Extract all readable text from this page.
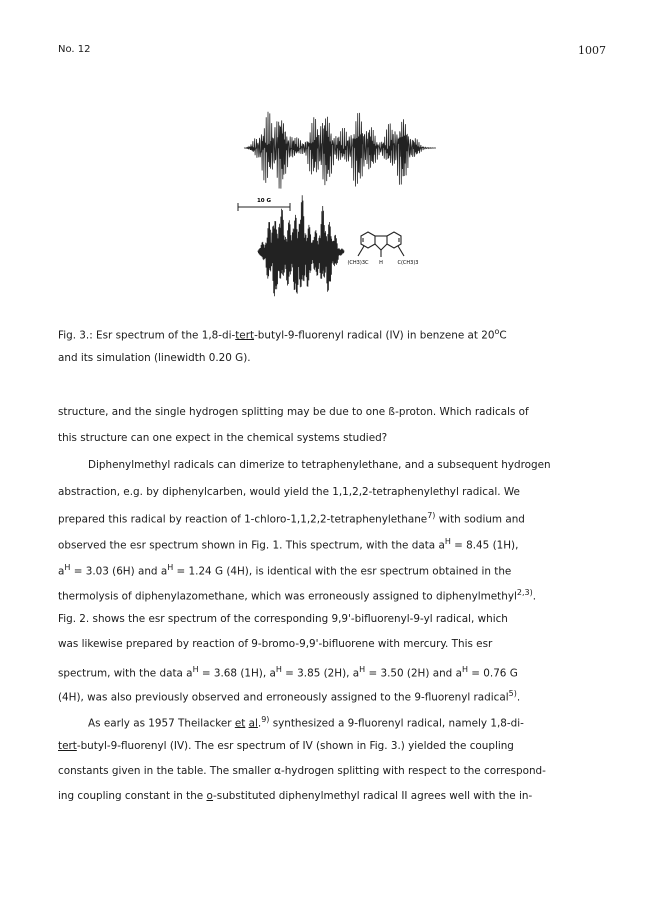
No. 12	1007
10 G
(CH3)3C H	C(CH3)3
Fig. 3.: Esr spectrum of the 1,8-di-tert-butyl-9-fluorenyl radical (IV) in benzene at 20$^o$C
and its simulation (linewidth 0.20 G).
structure, and the single hydrogen splitting may be due to one ß-proton. Which radicals of
this structure can one expect in the chemical systems studied?
Diphenylmethyl radicals can dimerize to tetraphenylethane, and a subsequent hydrogen
abstraction, e.g. by diphenylcarben, would yield the 1,1,2,2-tetraphenylethyl radical. We
prepared this radical by reaction of 1-chloro-1,1,2,2-tetraphenylethane$^{7)}$ with sodium and
observed the esr spectrum shown in Fig. 1. This spectrum, with the data $a^H = 8.45$ (1H),
$a^H = 3.03$ (6H) and $a^H = 1.24$ G (4H), is identical with the esr spectrum obtained in the
thermolysis of diphenylazomethane, which was erroneously assigned to diphenylmethyl$^{2,3)}$.
Fig. 2. shows the esr spectrum of the corresponding 9,9'-bifluorenyl-9-yl radical, which
was likewise prepared by reaction of 9-bromo-9,9'-bifluorene with mercury. This esr
spectrum, with the data $a^H = 3.68$ (1H), $a^H = 3.85$ (2H), $a^H = 3.50$ (2H) and $a^H = 0.76$ G
(4H), was also previously observed and erroneously assigned to the 9-fluorenyl radical$^{5)}$.
As early as 1957 Theilacker et al.$^{9)}$ synthesized a 9-fluorenyl radical, namely 1,8-di-
tert-butyl-9-fluorenyl (IV). The esr spectrum of IV (shown in Fig. 3.) yielded the coupling
constants given in the table. The smaller α-hydrogen splitting with respect to the correspond-
ing coupling constant in the o-substituted diphenylmethyl radical II agrees well with the in-
